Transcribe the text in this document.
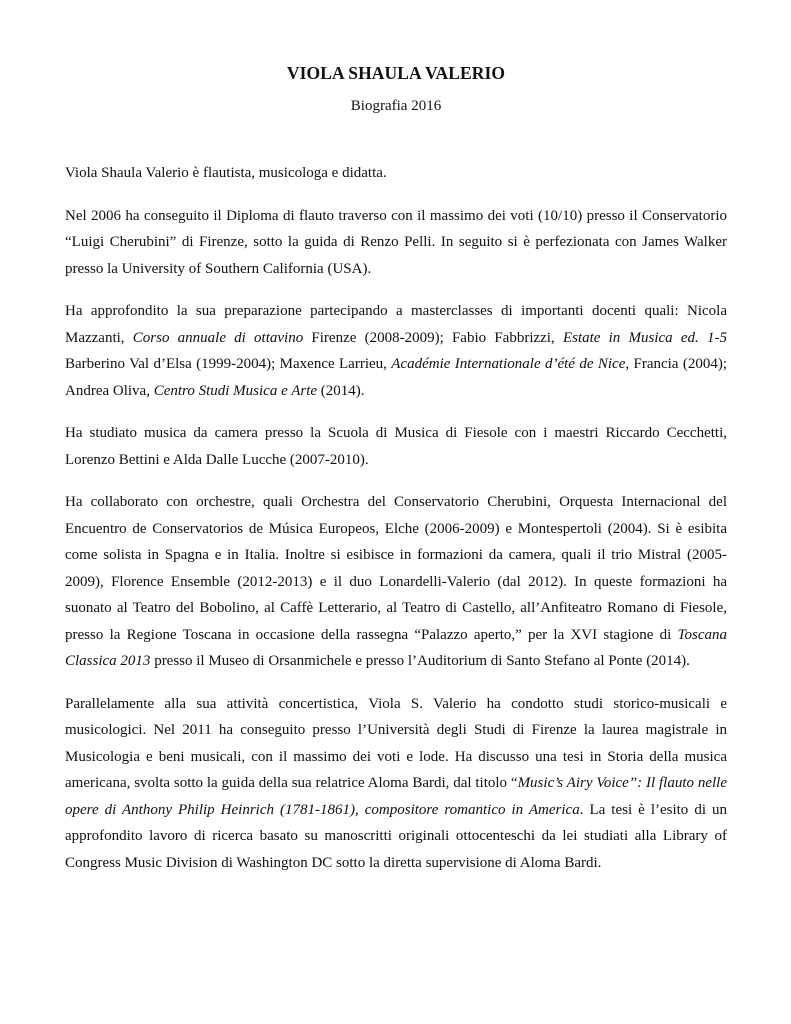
VIOLA SHAULA VALERIO

Biografia 2016

Viola Shaula Valerio è flautista, musicologa e didatta.

Nel 2006 ha conseguito il Diploma di flauto traverso con il massimo dei voti (10/10) presso il Conservatorio “Luigi Cherubini” di Firenze, sotto la guida di Renzo Pelli. In seguito si è perfezionata con James Walker presso la University of Southern California (USA).

Ha approfondito la sua preparazione partecipando a masterclasses di importanti docenti quali: Nicola Mazzanti, Corso annuale di ottavino Firenze (2008-2009); Fabio Fabbrizzi, Estate in Musica ed. 1-5 Barberino Val d’Elsa (1999-2004); Maxence Larrieu, Académie Internationale d’été de Nice, Francia (2004); Andrea Oliva, Centro Studi Musica e Arte (2014).

Ha studiato musica da camera presso la Scuola di Musica di Fiesole con i maestri Riccardo Cecchetti, Lorenzo Bettini e Alda Dalle Lucche (2007-2010).

Ha collaborato con orchestre, quali Orchestra del Conservatorio Cherubini, Orquesta Internacional del Encuentro de Conservatorios de Música Europeos, Elche (2006-2009) e Montespertoli (2004). Si è esibita come solista in Spagna e in Italia. Inoltre si esibisce in formazioni da camera, quali il trio Mistral (2005-2009), Florence Ensemble (2012-2013) e il duo Lonardelli-Valerio (dal 2012). In queste formazioni ha suonato al Teatro del Bobolino, al Caffè Letterario, al Teatro di Castello, all’Anfiteatro Romano di Fiesole, presso la Regione Toscana in occasione della rassegna “Palazzo aperto,” per la XVI stagione di Toscana Classica 2013 presso il Museo di Orsanmichele e presso l’Auditorium di Santo Stefano al Ponte (2014).

Parallelamente alla sua attività concertistica, Viola S. Valerio ha condotto studi storico-musicali e musicologici. Nel 2011 ha conseguito presso l’Università degli Studi di Firenze la laurea magistrale in Musicologia e beni musicali, con il massimo dei voti e lode. Ha discusso una tesi in Storia della musica americana, svolta sotto la guida della sua relatrice Aloma Bardi, dal titolo “Music’s Airy Voice”: Il flauto nelle opere di Anthony Philip Heinrich (1781-1861), compositore romantico in America. La tesi è l’esito di un approfondito lavoro di ricerca basato su manoscritti originali ottocenteschi da lei studiati alla Library of Congress Music Division di Washington DC sotto la diretta supervisione di Aloma Bardi.
